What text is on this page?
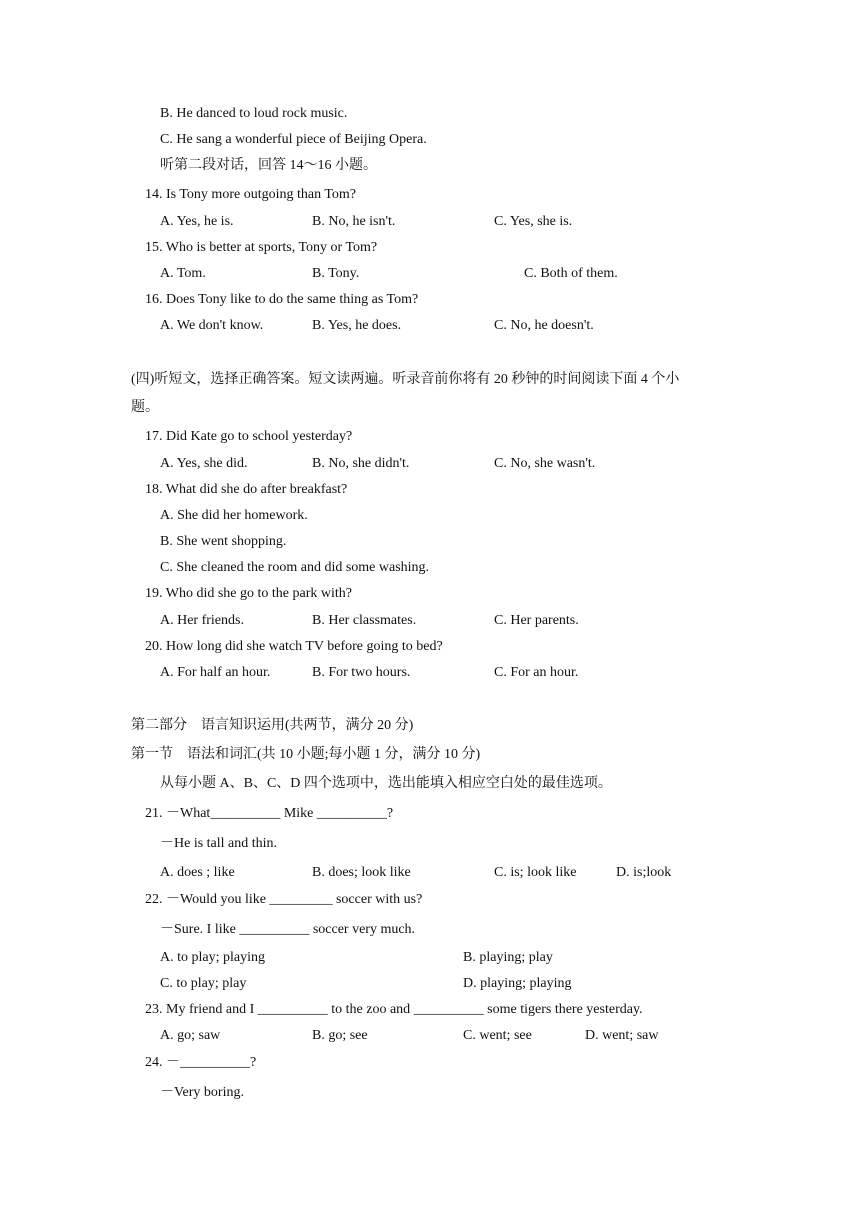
B. He danced to loud rock music.
C. He sang a wonderful piece of Beijing Opera.
听第二段对话，回答 14～16 小题。
14. Is Tony more outgoing than Tom?
A. Yes, he is.	B. No, he isn't.	C. Yes, she is.
15. Who is better at sports, Tony or Tom?
A. Tom.	B. Tony.	C. Both of them.
16. Does Tony like to do the same thing as Tom?
A. We don't know.	B. Yes, he does.	C. No, he doesn't.
(四)听短文，选择正确答案。短文读两遍。听录音前你将有 20 秒钟的时间阅读下面 4 个小
题。
17. Did Kate go to school yesterday?
A. Yes, she did.	B. No, she didn't.	C. No, she wasn't.
18. What did she do after breakfast?
A. She did her homework.
B. She went shopping.
C. She cleaned the room and did some washing.
19. Who did she go to the park with?
A. Her friends.	B. Her classmates.	C. Her parents.
20. How long did she watch TV before going to bed?
A. For half an hour.	B. For two hours.	C. For an hour.
第二部分　语言知识运用(共两节，满分 20 分)
第一节　语法和词汇(共 10 小题;每小题 1 分，满分 10 分)
从每小题 A、B、C、D 四个选项中，选出能填入相应空白处的最佳选项。
21. －What__________ Mike __________?
－He is tall and thin.
A. does ; like	B. does; look like	C. is; look like	D. is;look
22. －Would you like _________ soccer with us?
－Sure. I like __________ soccer very much.
A. to play; playing	B. playing; play
C. to play; play	D. playing; playing
23. My friend and I __________ to the zoo and __________ some tigers there yesterday.
A. go; saw	B. go; see	C. went; see	D. went; saw
24. －__________?
－Very boring.
